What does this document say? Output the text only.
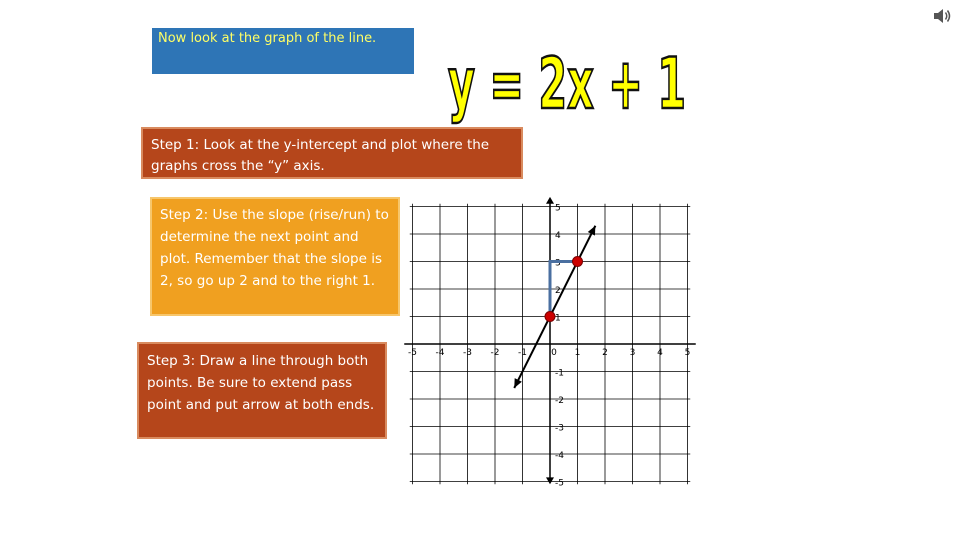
Now look at the graph of the line.
y = 2x + 1
Step 1: Look at the y-intercept and plot where the graphs cross the “y” axis.
Step 2: Use the slope (rise/run) to determine the next point and plot. Remember that the slope is 2, so go up 2 and to the right 1.
Step 3: Draw a line through both points. Be sure to extend pass point and put arrow at both ends.
-5 -4 -3 -2 -1	0 1 2 3 4 5
5
4
3
2
1
-1
-2
-3
-4
-5
